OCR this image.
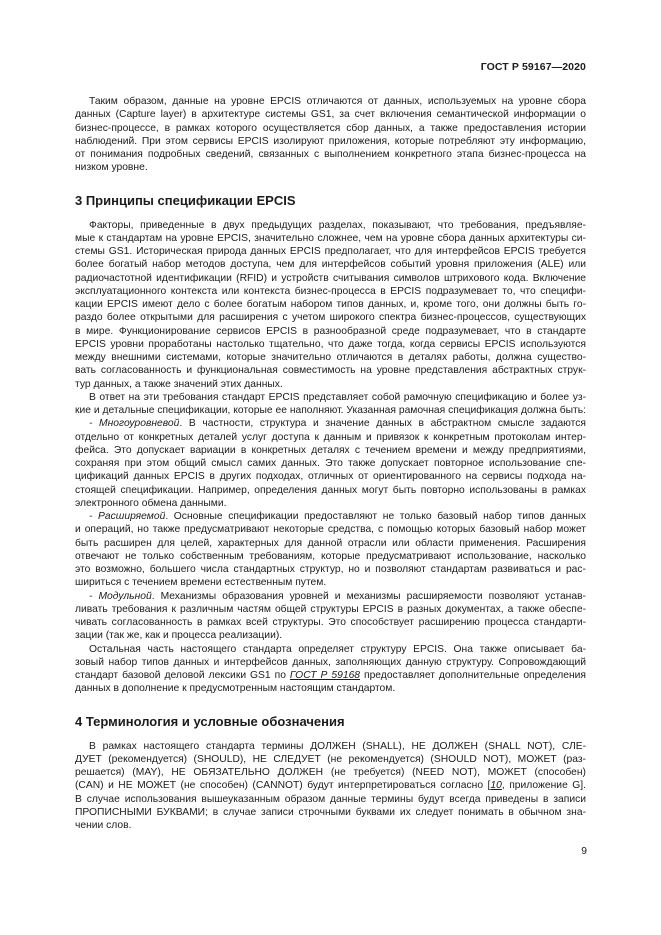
ГОСТ Р 59167—2020
Таким образом, данные на уровне EPCIS отличаются от данных, используемых на уровне сбора
данных (Capture layer) в архитектуре системы GS1, за счет включения семантической информации о
бизнес-процессе, в рамках которого осуществляется сбор данных, а также предоставления истории
наблюдений. При этом сервисы EPCIS изолируют приложения, которые потребляют эту информацию,
от понимания подробных сведений, связанных с выполнением конкретного этапа бизнес-процесса на
низком уровне.
3 Принципы спецификации EPCIS
Факторы, приведенные в двух предыдущих разделах, показывают, что требования, предъявляе-
мые к стандартам на уровне EPCIS, значительно сложнее, чем на уровне сбора данных архитектуры си-
стемы GS1. Историческая природа данных EPCIS предполагает, что для интерфейсов EPCIS требуется
более богатый набор методов доступа, чем для интерфейсов событий уровня приложения (ALE) или
радиочастотной идентификации (RFID) и устройств считывания символов штрихового кода. Включение
эксплуатационного контекста или контекста бизнес-процесса в EPCIS подразумевает то, что специфи-
кации EPCIS имеют дело с более богатым набором типов данных, и, кроме того, они должны быть го-
раздо более открытыми для расширения с учетом широкого спектра бизнес-процессов, существующих
в мире. Функционирование сервисов EPCIS в разнообразной среде подразумевает, что в стандарте
EPCIS уровни проработаны настолько тщательно, что даже тогда, когда сервисы EPCIS используются
между внешними системами, которые значительно отличаются в деталях работы, должна существо-
вать согласованность и функциональная совместимость на уровне представления абстрактных струк-
тур данных, а также значений этих данных.
В ответ на эти требования стандарт EPCIS представляет собой рамочную спецификацию и более уз-
кие и детальные спецификации, которые ее наполняют. Указанная рамочная спецификация должна быть:
- Многоуровневой. В частности, структура и значение данных в абстрактном смысле задаются
отдельно от конкретных деталей услуг доступа к данным и привязок к конкретным протоколам интер-
фейса. Это допускает вариации в конкретных деталях с течением времени и между предприятиями,
сохраняя при этом общий смысл самих данных. Это также допускает повторное использование спе-
цификаций данных EPCIS в других подходах, отличных от ориентированного на сервисы подхода на-
стоящей спецификации. Например, определения данных могут быть повторно использованы в рамках
электронного обмена данными.
- Расширяемой. Основные спецификации предоставляют не только базовый набор типов данных
и операций, но также предусматривают некоторые средства, с помощью которых базовый набор может
быть расширен для целей, характерных для данной отрасли или области применения. Расширения
отвечают не только собственным требованиям, которые предусматривают использование, насколько
это возможно, большего числа стандартных структур, но и позволяют стандартам развиваться и рас-
шириться с течением времени естественным путем.
- Модульной. Механизмы образования уровней и механизмы расширяемости позволяют устанав-
ливать требования к различным частям общей структуры EPCIS в разных документах, а также обеспе-
чивать согласованность в рамках всей структуры. Это способствует расширению процесса стандарти-
зации (так же, как и процесса реализации).
Остальная часть настоящего стандарта определяет структуру EPCIS. Она также описывает ба-
зовый набор типов данных и интерфейсов данных, заполняющих данную структуру. Сопровождающий
стандарт базовой деловой лексики GS1 по ГОСТ Р 59168 предоставляет дополнительные определения
данных в дополнение к предусмотренным настоящим стандартом.
4 Терминология и условные обозначения
В рамках настоящего стандарта термины ДОЛЖЕН (SHALL), НЕ ДОЛЖЕН (SHALL NOT), СЛЕ-
ДУЕТ (рекомендуется) (SHOULD), НЕ СЛЕДУЕТ (не рекомендуется) (SHOULD NOT), МОЖЕТ (раз-
решается) (MAY), НЕ ОБЯЗАТЕЛЬНО ДОЛЖЕН (не требуется) (NEED NOT), МОЖЕТ (способен)
(CAN) и НЕ МОЖЕТ (не способен) (CANNOT) будут интерпретироваться согласно [10, приложение G].
В случае использования вышеуказанным образом данные термины будут всегда приведены в записи
ПРОПИСНЫМИ БУКВАМИ; в случае записи строчными буквами их следует понимать в обычном зна-
чении слов.
9
